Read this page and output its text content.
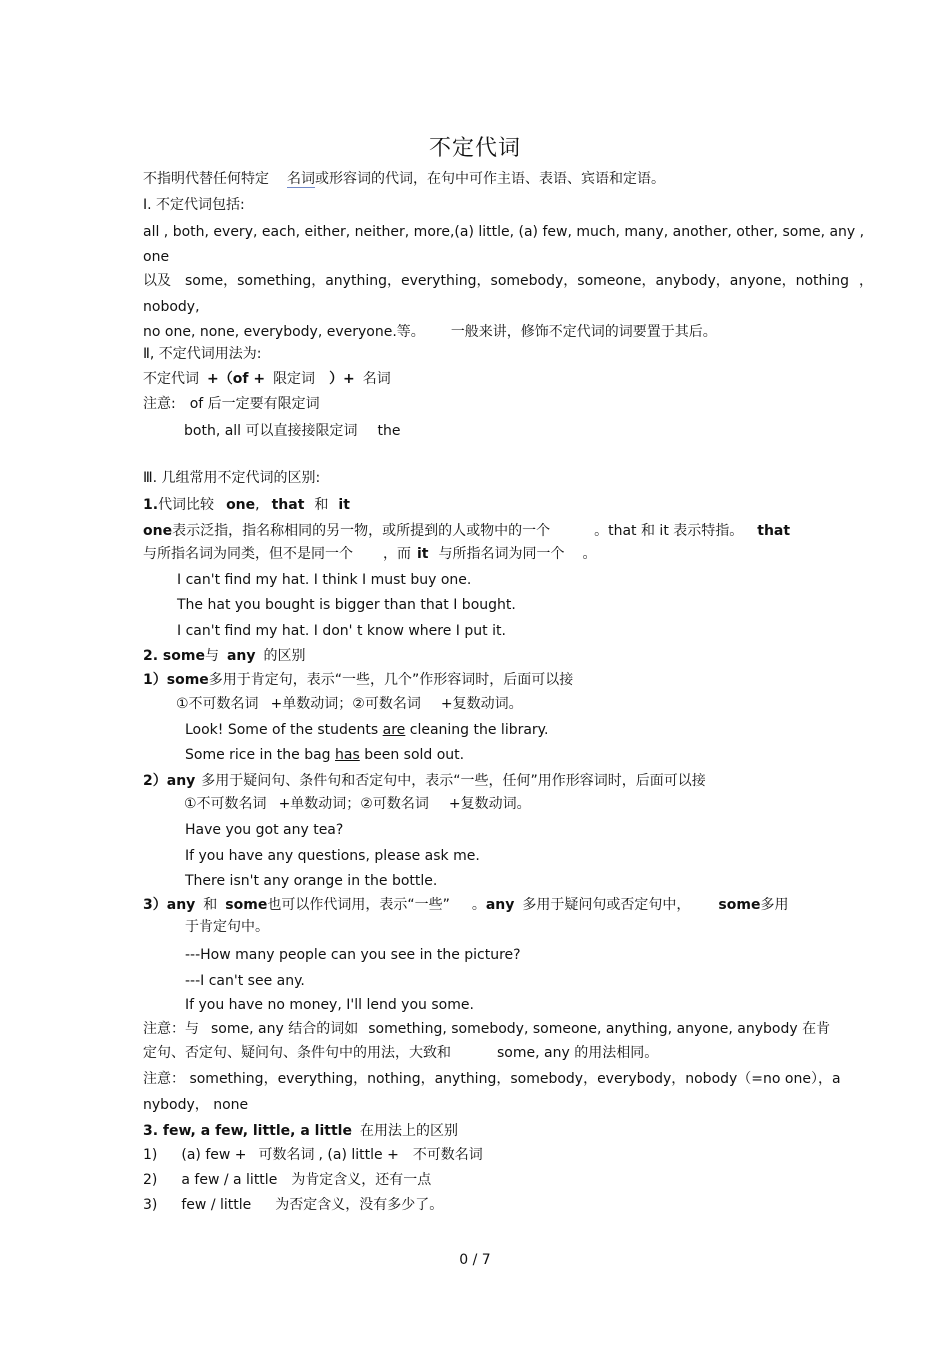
不定代词
不指明代替任何特定 名词或形容词的代词，在句中可作主语、表语、宾语和定语。
Ⅰ. 不定代词包括:
all , both, every, each, either, neither, more,(a) little, (a) few, much, many, another, other, some, any ,
one
以及 some，something，anything，everything，somebody，someone，anybody，anyone，nothing ，
nobody,
no one, none, everybody, everyone.等。 一般来讲，修饰不定代词的词要置于其后。
Ⅱ, 不定代词用法为:
不定代词 +（of + 限定词 ）+ 名词
注意: of 后一定要有限定词
both, all 可以直接接限定词 the
Ⅲ. 几组常用不定代词的区别:
1.代词比较 one, that 和 it
one表示泛指，指名称相同的另一物，或所提到的人或物中的一个	。that 和 it 表示特指。 that
与所指名词为同类，但不是同一个 ，而 it 与所指名词为同一个 。
I can't find my hat. I think I must buy one.
The hat you bought is bigger than that I bought.
I can't find my hat. I don' t know where I put it.
2. some与 any 的区别
1）some多用于肯定句，表示“一些，几个”作形容词时，后面可以接
①不可数名词 +单数动词；②可数名词 +复数动词。
Look! Some of the students are cleaning the library.
Some rice in the bag has been sold out.
2）any 多用于疑问句、条件句和否定句中，表示“一些，任何”用作形容词时，后面可以接
①不可数名词 +单数动词；②可数名词 +复数动词。
Have you got any tea?
If you have any questions, please ask me.
There isn't any orange in the bottle.
3）any 和 some也可以作代词用，表示“一些” 。any 多用于疑问句或否定句中， some多用
于肯定句中。
---How many people can you see in the picture?
---I can't see any.
If you have no money, I'll lend you some.
注意：与 some, any 结合的词如 something, somebody, someone, anything, anyone, anybody 在肯
定句、否定句、疑问句、条件句中的用法，大致和	some, any 的用法相同。
注意： something，everything，nothing，anything，somebody，everybody，nobody（=no one），a
nybody， none
3. few, a few, little, a little 在用法上的区别
1) (a) few + 可数名词 , (a) little + 不可数名词
2) a few / a little 为肯定含义，还有一点
3) few / little 为否定含义，没有多少了。
0 / 7
